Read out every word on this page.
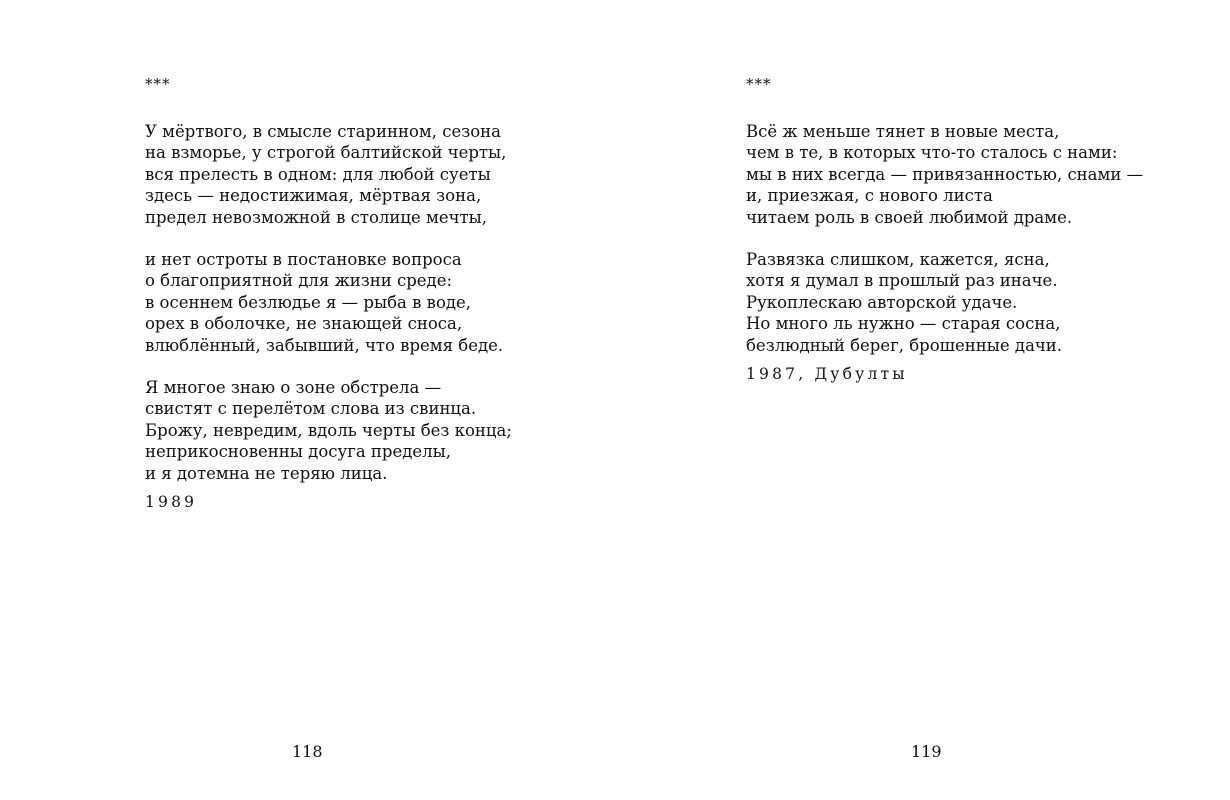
***
У мёртвого, в смысле старинном, сезона
на взморье, у строгой балтийской черты,
вся прелесть в одном: для любой суеты
здесь — недостижимая, мёртвая зона,
предел невозможной в столице мечты,
и нет остроты в постановке вопроса
о благоприятной для жизни среде:
в осеннем безлюдье я — рыба в воде,
орех в оболочке, не знающей сноса,
влюблённый, забывший, что время беде.
Я многое знаю о зоне обстрела —
свистят с перелётом слова из свинца.
Брожу, невредим, вдоль черты без конца;
неприкосновенны досуга пределы,
и я дотемна не теряю лица.
1989
118
***
Всё ж меньше тянет в новые места,
чем в те, в которых что-то сталось с нами:
мы в них всегда — привязанностью, снами —
и, приезжая, с нового листа
читаем роль в своей любимой драме.
Развязка слишком, кажется, ясна,
хотя я думал в прошлый раз иначе.
Рукоплескаю авторской удаче.
Но много ль нужно — старая сосна,
безлюдный берег, брошенные дачи.
1987, Дубулты
119
